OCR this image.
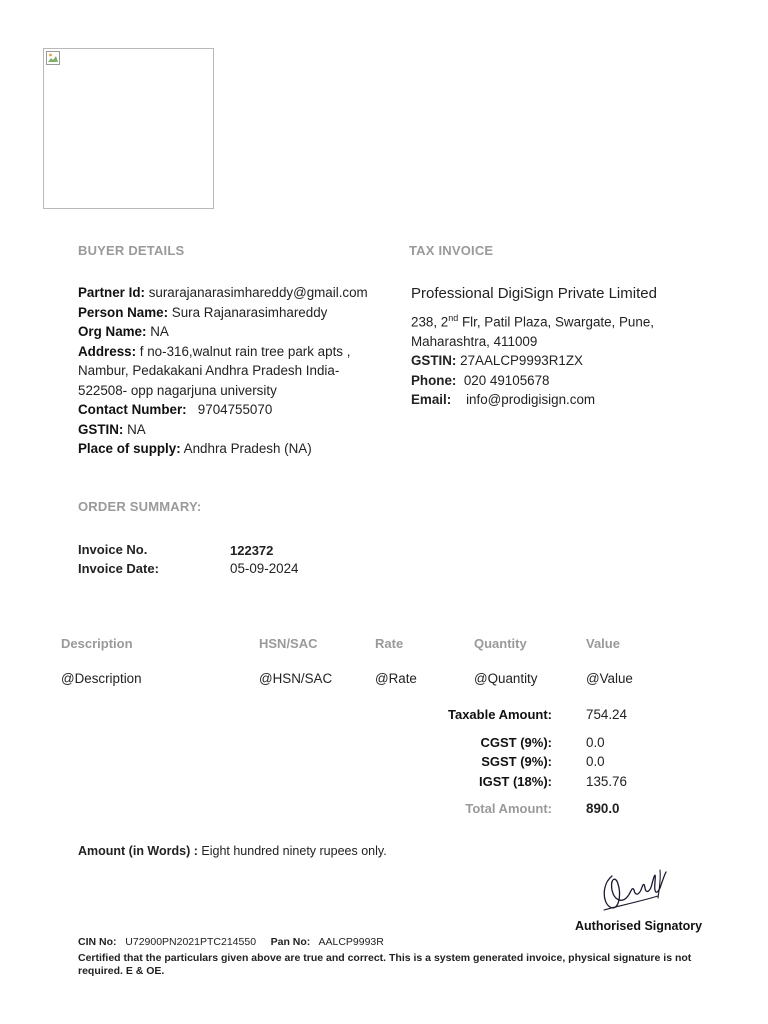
BUYER DETAILS
Partner Id: surarajanarasimhareddy@gmail.com
Person Name: Sura Rajanarasimhareddy
Org Name: NA
Address: f no-316,walnut rain tree park apts ,
Nambur, Pedakakani Andhra Pradesh India-
522508- opp nagarjuna university
Contact Number: 9704755070
GSTIN: NA
Place of supply: Andhra Pradesh (NA)
TAX INVOICE
Professional DigiSign Private Limited
238, 2nd Flr, Patil Plaza, Swargate, Pune,
Maharashtra, 411009
GSTIN: 27AALCP9993R1ZX
Phone: 020 49105678
Email: info@prodigisign.com
ORDER SUMMARY:
Invoice No.	122372
Invoice Date:	05-09-2024
Description	HSN/SAC	Rate	Quantity	Value
@Description	@HSN/SAC	@Rate	@Quantity	@Value
Taxable Amount:	754.24
CGST (9%):	0.0
SGST (9%):	0.0
IGST (18%):	135.76
Total Amount:	890.0
Amount (in Words) : Eight hundred ninety rupees only.
Authorised Signatory
CIN No: U72900PN2021PTC214550 Pan No: AALCP9993R
Certified that the particulars given above are true and correct. This is a system generated invoice, physical signature is not required. E & OE.
